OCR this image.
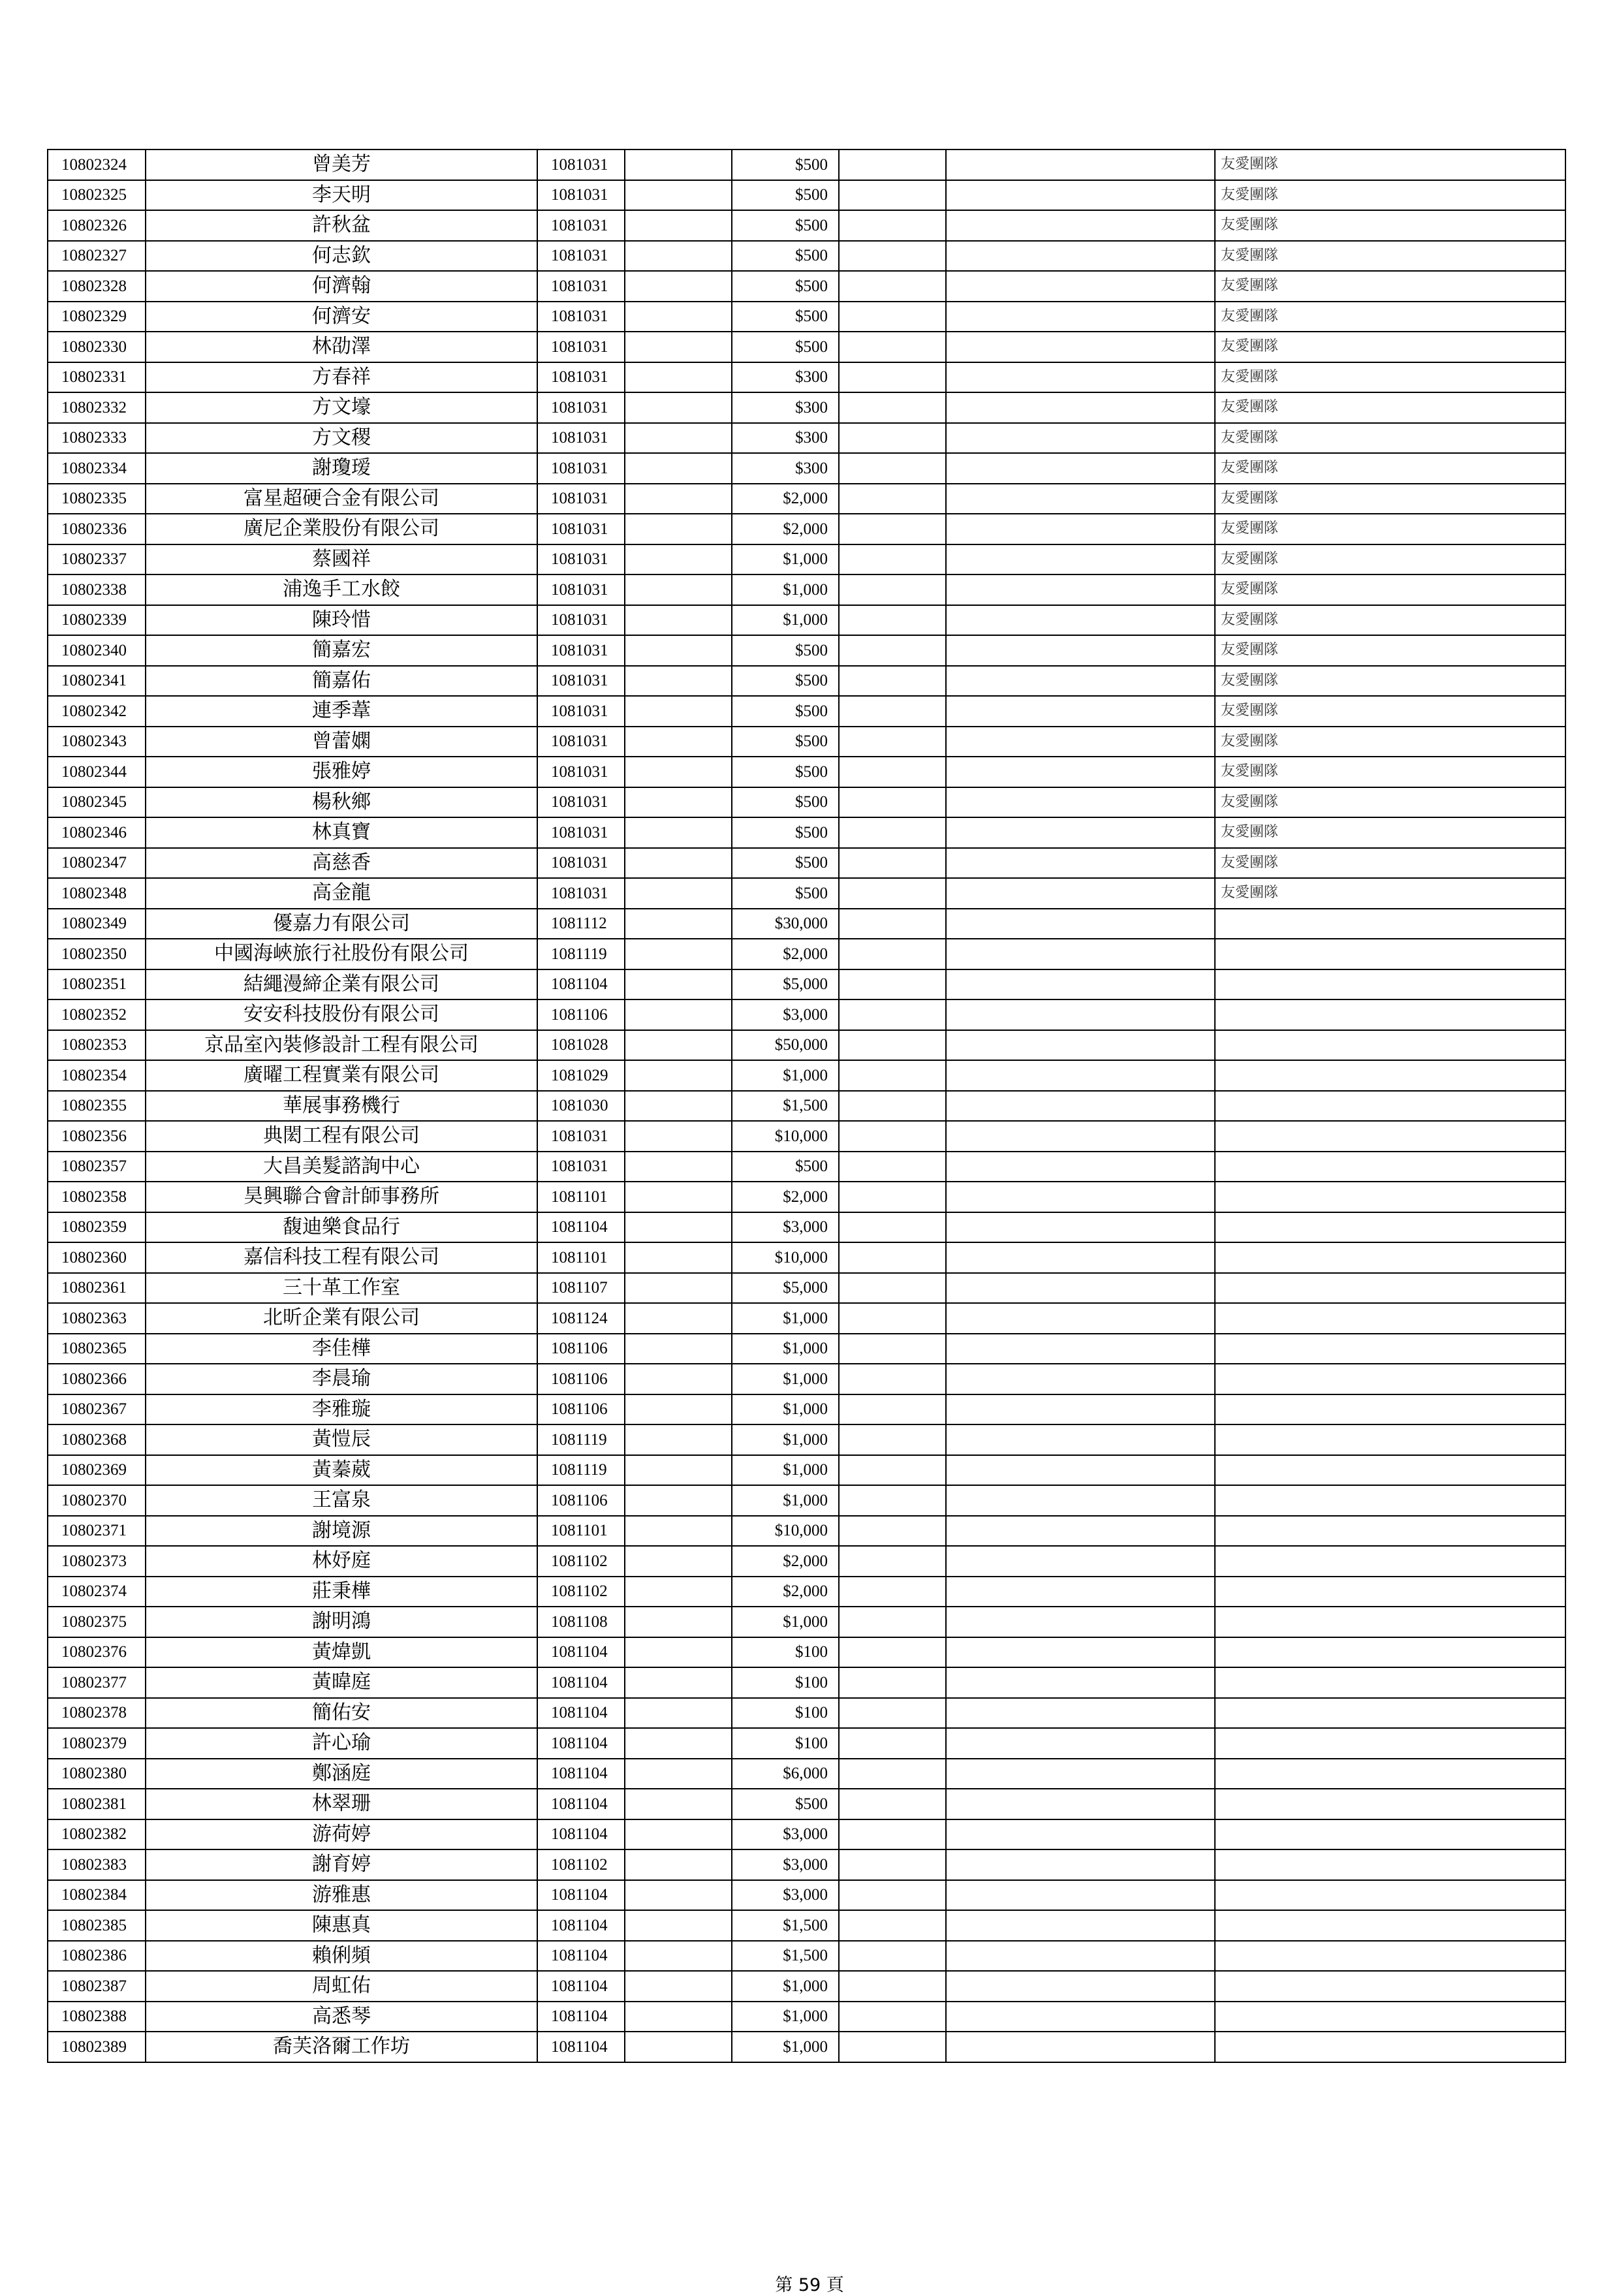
10802324	曾美芳	1081031		$500			友愛團隊
10802325	李天明	1081031		$500			友愛團隊
10802326	許秋盆	1081031		$500			友愛團隊
10802327	何志欽	1081031		$500			友愛團隊
10802328	何濟翰	1081031		$500			友愛團隊
10802329	何濟安	1081031		$500			友愛團隊
10802330	林劭澤	1081031		$500			友愛團隊
10802331	方春祥	1081031		$300			友愛團隊
10802332	方文壕	1081031		$300			友愛團隊
10802333	方文稷	1081031		$300			友愛團隊
10802334	謝瓊瑷	1081031		$300			友愛團隊
10802335	富星超硬合金有限公司	1081031		$2,000			友愛團隊
10802336	廣尼企業股份有限公司	1081031		$2,000			友愛團隊
10802337	蔡國祥	1081031		$1,000			友愛團隊
10802338	浦逸手工水餃	1081031		$1,000			友愛團隊
10802339	陳玲惜	1081031		$1,000			友愛團隊
10802340	簡嘉宏	1081031		$500			友愛團隊
10802341	簡嘉佑	1081031		$500			友愛團隊
10802342	連季葦	1081031		$500			友愛團隊
10802343	曾蕾嫻	1081031		$500			友愛團隊
10802344	張雅婷	1081031		$500			友愛團隊
10802345	楊秋鄉	1081031		$500			友愛團隊
10802346	林真寶	1081031		$500			友愛團隊
10802347	高慈香	1081031		$500			友愛團隊
10802348	高金龍	1081031		$500			友愛團隊
10802349	優嘉力有限公司	1081112		$30,000			
10802350	中國海峽旅行社股份有限公司	1081119		$2,000			
10802351	結繩漫締企業有限公司	1081104		$5,000			
10802352	安安科技股份有限公司	1081106		$3,000			
10802353	京品室內裝修設計工程有限公司	1081028		$50,000			
10802354	廣曜工程實業有限公司	1081029		$1,000			
10802355	華展事務機行	1081030		$1,500			
10802356	典閎工程有限公司	1081031		$10,000			
10802357	大昌美髮諮詢中心	1081031		$500			
10802358	昊興聯合會計師事務所	1081101		$2,000			
10802359	馥迪樂食品行	1081104		$3,000			
10802360	嘉信科技工程有限公司	1081101		$10,000			
10802361	三十革工作室	1081107		$5,000			
10802363	北昕企業有限公司	1081124		$1,000			
10802365	李佳樺	1081106		$1,000			
10802366	李晨瑜	1081106		$1,000			
10802367	李雅璇	1081106		$1,000			
10802368	黃愷辰	1081119		$1,000			
10802369	黃蓁葳	1081119		$1,000			
10802370	王富泉	1081106		$1,000			
10802371	謝境源	1081101		$10,000			
10802373	林妤庭	1081102		$2,000			
10802374	莊秉樺	1081102		$2,000			
10802375	謝明鴻	1081108		$1,000			
10802376	黃煒凱	1081104		$100			
10802377	黃暐庭	1081104		$100			
10802378	簡佑安	1081104		$100			
10802379	許心瑜	1081104		$100			
10802380	鄭涵庭	1081104		$6,000			
10802381	林翠珊	1081104		$500			
10802382	游荷婷	1081104		$3,000			
10802383	謝育婷	1081102		$3,000			
10802384	游雅惠	1081104		$3,000			
10802385	陳惠真	1081104		$1,500			
10802386	賴俐頻	1081104		$1,500			
10802387	周虹佑	1081104		$1,000			
10802388	高悉琴	1081104		$1,000			
10802389	喬芙洛爾工作坊	1081104		$1,000			
第 59 頁
